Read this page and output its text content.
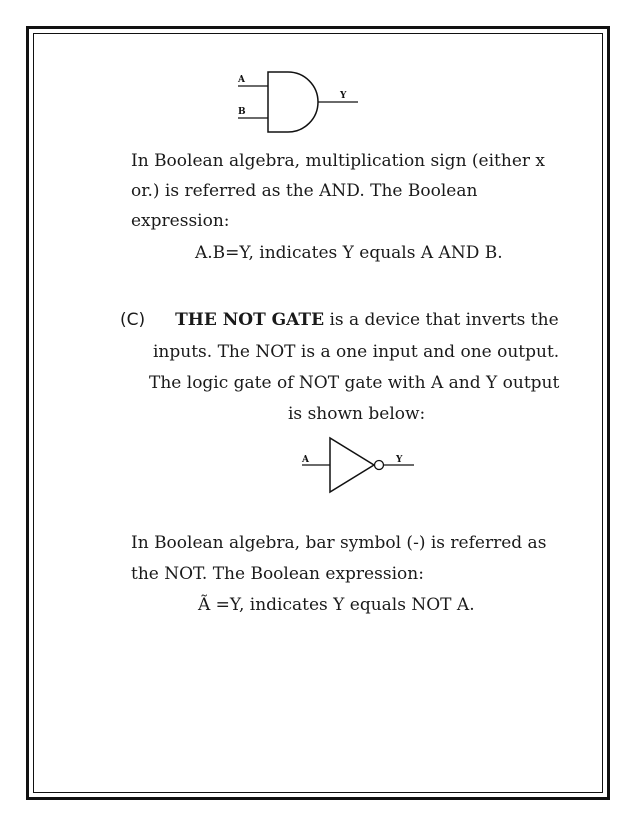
A
B
Y
In Boolean algebra, multiplication sign (either x
or.) is referred as the AND. The Boolean
expression:
A.B=Y, indicates Y equals A AND B.
(C) THE NOT GATE is a device that inverts the
inputs. The NOT is a one input and one output.
The logic gate of NOT gate with A and Y output
is shown below:
A	Y
In Boolean algebra, bar symbol (-) is referred as
the NOT. The Boolean expression:
Ã =Y, indicates Y equals NOT A.
